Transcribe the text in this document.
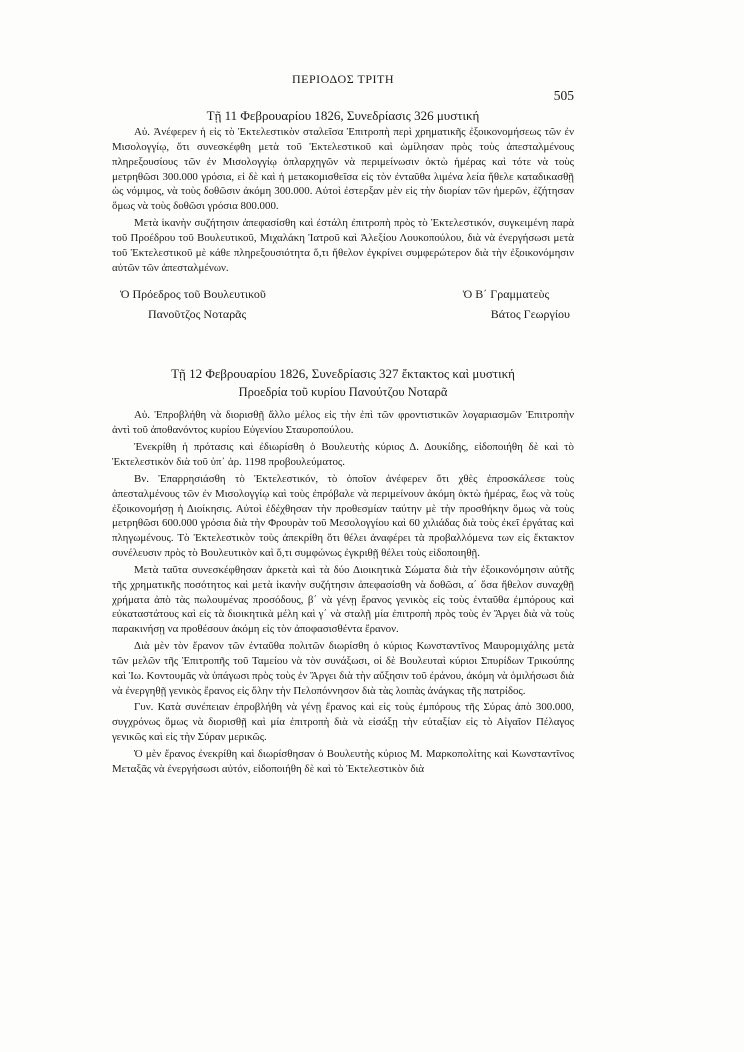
ΠΕΡΙΟΔΟΣ ΤΡΙΤΗ
505

Τῇ 11 Φεβρουαρίου 1826, Συνεδρίασις 326 μυστική

Αὐ. Ἀνέφερεν ἡ εἰς τὸ Ἐκτελεστικὸν σταλεῖσα Ἐπιτροπὴ περὶ χρηματικῆς ἐξοικονομήσεως τῶν ἐν Μισολογγίῳ, ὅτι συνεσκέφθη μετὰ τοῦ Ἐκτελεστικοῦ καὶ ὡμίλησαν πρὸς τοὺς ἀπεσταλμένους πληρεξουσίους τῶν ἐν Μισολογγίῳ ὁπλαρχηγῶν νὰ περιμείνωσιν ὀκτὼ ἡμέρας καὶ τότε νὰ τοὺς μετρηθῶσι 300.000 γρόσια, εἰ δὲ καὶ ἡ μετακομισθεῖσα εἰς τὸν ἐνταῦθα λιμένα λεία ἤθελε καταδικασθῇ ὡς νόμιμος, νὰ τοὺς δοθῶσιν ἀκόμη 300.000. Αὐτοὶ ἐστερξαν μὲν εἰς τὴν διορίαν τῶν ἡμερῶν, ἐζήτησαν ὅμως νὰ τοὺς δοθῶσι γρόσια 800.000.

Μετὰ ἱκανὴν συζήτησιν ἀπεφασίσθη καὶ ἐστάλη ἐπιτροπὴ πρὸς τὸ Ἐκτελεστικόν, συγκειμένη παρὰ τοῦ Προέδρου τοῦ Βουλευτικοῦ, Μιχαλάκη Ἰατροῦ καὶ Ἀλεξίου Λουκοπούλου, διὰ νὰ ἐνεργήσωσι μετὰ τοῦ Ἐκτελεστικοῦ μὲ κάθε πληρεξουσιότητα ὅ,τι ἤθελον ἐγκρίνει συμφερώτερον διὰ τὴν ἐξοικονόμησιν αὐτῶν τῶν ἀπεσταλμένων.

Ὁ Πρόεδρος τοῦ Βουλευτικοῦ
Πανοῦτζος Νοταρᾶς
Ὁ Β΄ Γραμματεὺς
Βάτος Γεωργίου

Τῇ 12 Φεβρουαρίου 1826, Συνεδρίασις 327 ἔκτακτος καὶ μυστική

Προεδρία τοῦ κυρίου Πανούτζου Νοταρᾶ

Αὐ. Ἐπροβλήθη νὰ διορισθῇ ἄλλο μέλος εἰς τὴν ἐπὶ τῶν φροντιστικῶν λογαριασμῶν Ἐπιτροπὴν ἀντὶ τοῦ ἀποθανόντος κυρίου Εὐγενίου Σταυροπούλου.

Ἐνεκρίθη ἡ πρότασις καὶ ἐδιωρίσθη ὁ Βουλευτὴς κύριος Δ. Δουκίδης, εἰδοποιήθη δὲ καὶ τὸ Ἐκτελεστικὸν διὰ τοῦ ὑπ᾽ ἀρ. 1198 προβουλεύματος.

Βν. Ἐπαρρησιάσθη τὸ Ἐκτελεστικόν, τὸ ὁποῖον ἀνέφερεν ὅτι χθὲς ἐπροσκάλεσε τοὺς ἀπεσταλμένους τῶν ἐν Μισολογγίῳ καὶ τοὺς ἐπρόβαλε νὰ περιμείνουν ἀκόμη ὀκτὼ ἡμέρας, ἕως νὰ τοὺς ἐξοικονομήσῃ ἡ Διοίκησις. Αὐτοὶ ἐδέχθησαν τὴν προθεσμίαν ταύτην μὲ τὴν προσθήκην ὅμως νὰ τοὺς μετρηθῶσι 600.000 γρόσια διὰ τὴν Φρουρὰν τοῦ Μεσολογγίου καὶ 60 χιλιάδας διὰ τοὺς ἐκεῖ ἐργάτας καὶ πληγωμένους. Τὸ Ἐκτελεστικὸν τοὺς ἀπεκρίθη ὅτι θέλει ἀναφέρει τὰ προβαλλόμενα των εἰς ἔκτακτον συνέλευσιν πρὸς τὸ Βουλευτικὸν καὶ ὅ,τι συμφώνως ἐγκριθῇ θέλει τοὺς εἰδοποιηθῇ.

Μετὰ ταῦτα συνεσκέφθησαν ἀρκετὰ καὶ τὰ δύο Διοικητικὰ Σώματα διὰ τὴν ἐξοικονόμησιν αὐτῆς τῆς χρηματικῆς ποσότητος καὶ μετὰ ἱκανὴν συζήτησιν ἀπεφασίσθη νὰ δοθῶσι, α΄ ὅσα ἤθελον συναχθῇ χρήματα ἀπὸ τὰς πωλουμένας προσόδους, β΄ νὰ γένῃ ἔρανος γενικὸς εἰς τοὺς ἐνταῦθα ἐμπόρους καὶ εὐκαταστάτους καὶ εἰς τὰ διοικητικὰ μέλη καὶ γ΄ νὰ σταλῇ μία ἐπιτροπὴ πρὸς τοὺς ἐν Ἄργει διὰ νὰ τοὺς παρακινήσῃ να προθέσουν ἀκόμη εἰς τὸν ἀποφασισθέντα ἔρανον.

Διὰ μὲν τὸν ἔρανον τῶν ἐνταῦθα πολιτῶν διωρίσθη ὁ κύριος Κωνσταντῖνος Μαυρομιχάλης μετὰ τῶν μελῶν τῆς Ἐπιτροπῆς τοῦ Ταμείου νὰ τὸν συνάξωσι, οἱ δὲ Βουλευταὶ κύριοι Σπυρίδων Τρικούπης καὶ Ἰω. Κοντουμᾶς νὰ ὑπάγωσι πρὸς τοὺς ἐν Ἄργει διὰ τὴν αὔξησιν τοῦ ἐράνου, ἀκόμη νὰ ὁμιλήσωσι διὰ νὰ ἐνεργηθῇ γενικὸς ἔρανος εἰς ὅλην τὴν Πελοπόννησον διὰ τὰς λοιπὰς ἀνάγκας τῆς πατρίδος.

Γυν. Κατὰ συνέπειαν ἐπροβλήθη νὰ γένῃ ἔρανος καὶ εἰς τοὺς ἐμπόρους τῆς Σύρας ἀπὸ 300.000, συγχρόνως ὅμως νὰ διορισθῇ καὶ μία ἐπιτροπὴ διὰ νὰ εἰσάξῃ τὴν εὐταξίαν εἰς τὸ Αἰγαῖον Πέλαγος γενικῶς καὶ εἰς τὴν Σύραν μερικῶς.

Ὁ μὲν ἔρανος ἐνεκρίθη καὶ διωρίσθησαν ὁ Βουλευτὴς κύριος Μ. Μαρκοπολίτης καὶ Κωνσταντῖνος Μεταξᾶς νὰ ἐνεργήσωσι αὐτόν, εἰδοποιήθη δὲ καὶ τὸ Ἐκτελεστικὸν διὰ
